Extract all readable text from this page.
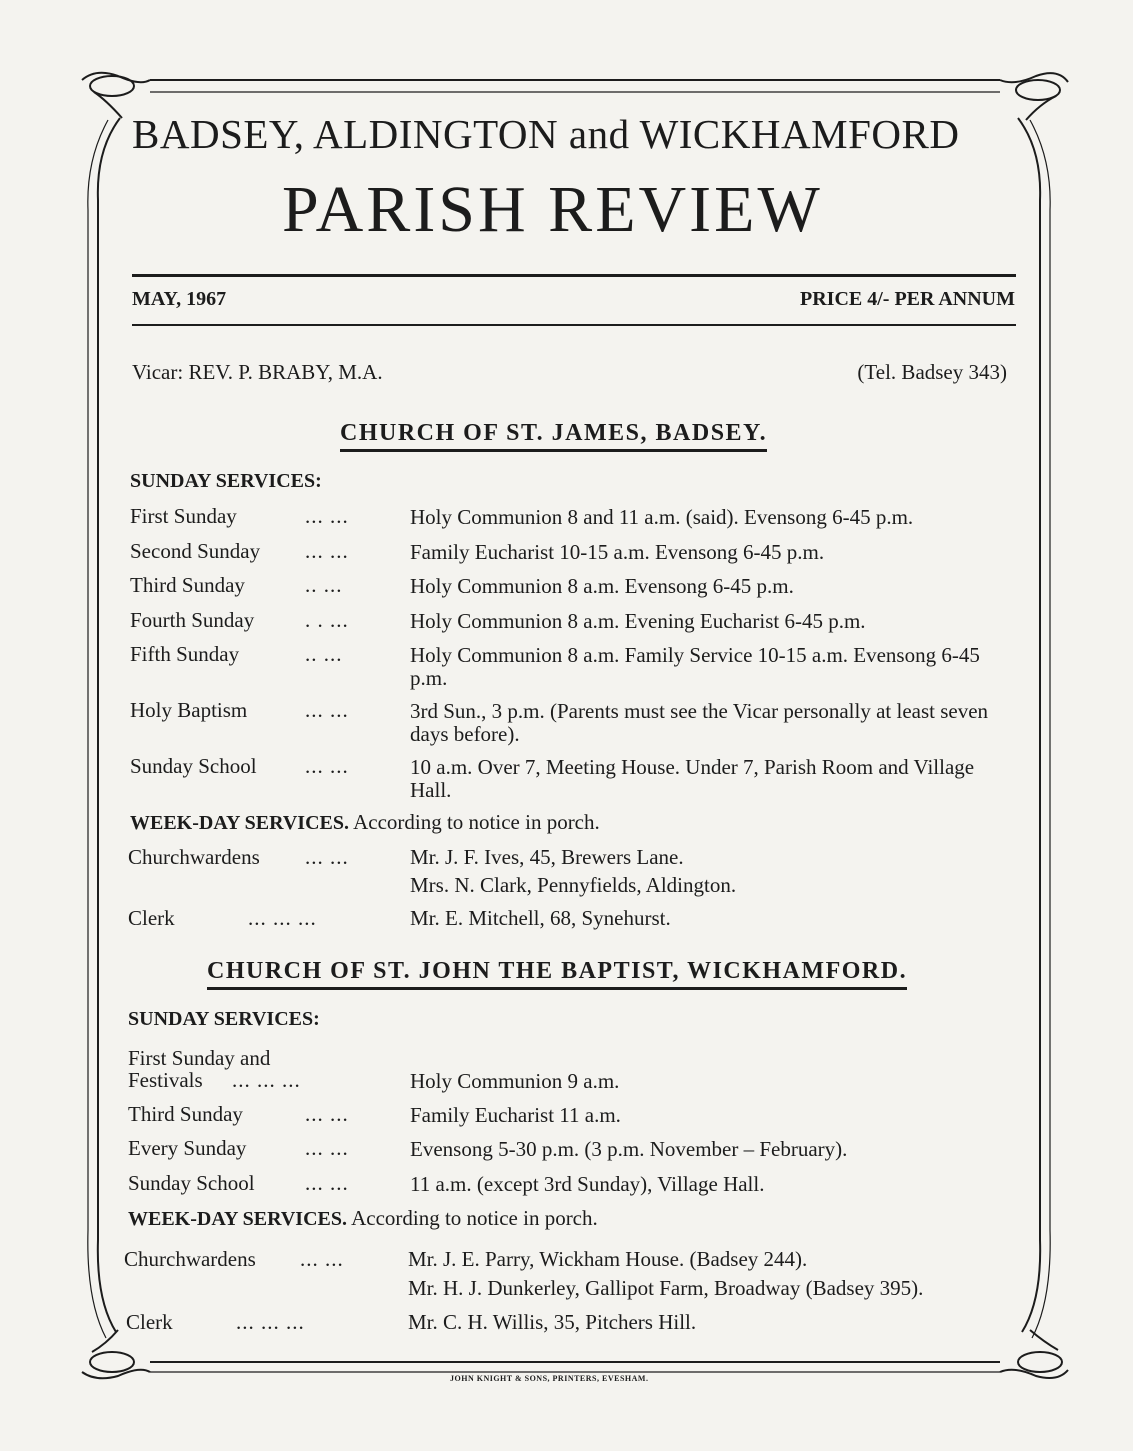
BADSEY, ALDINGTON and WICKHAMFORD
PARISH REVIEW
MAY, 1967	PRICE 4/- PER ANNUM
Vicar: REV. P. BRABY, M.A.	(Tel. Badsey 343)
CHURCH OF ST. JAMES, BADSEY.
SUNDAY SERVICES:
First Sunday	... ...	Holy Communion 8 and 11 a.m. (said). Evensong 6-45 p.m.
Second Sunday ... ...	Family Eucharist 10-15 a.m. Evensong 6-45 p.m.
Third Sunday	.. ...	Holy Communion 8 a.m. Evensong 6-45 p.m.
Fourth Sunday . . ...	Holy Communion 8 a.m. Evening Eucharist 6-45 p.m.
Fifth Sunday	.. ...	Holy Communion 8 a.m. Family Service 10-15 a.m. Evensong 6-45 p.m.
Holy Baptism	... ...	3rd Sun., 3 p.m. (Parents must see the Vicar personally at least seven days before).
Sunday School ... ...	10 a.m. Over 7, Meeting House. Under 7, Parish Room and Village Hall.
WEEK-DAY SERVICES. According to notice in porch.
Churchwardens ... ...	Mr. J. F. Ives, 45, Brewers Lane.
Mrs. N. Clark, Pennyfields, Aldington.
Clerk	... ... ...	Mr. E. Mitchell, 68, Synehurst.
CHURCH OF ST. JOHN THE BAPTIST, WICKHAMFORD.
SUNDAY SERVICES:
First Sunday and
Festivals ... ... ...	Holy Communion 9 a.m.
Third Sunday	... ...	Family Eucharist 11 a.m.
Every Sunday	... ...	Evensong 5-30 p.m. (3 p.m. November – February).
Sunday School ... ...	11 a.m. (except 3rd Sunday), Village Hall.
WEEK-DAY SERVICES. According to notice in porch.
Churchwardens ... ...	Mr. J. E. Parry, Wickham House. (Badsey 244).
Mr. H. J. Dunkerley, Gallipot Farm, Broadway (Badsey 395).
Clerk	... ... ...	Mr. C. H. Willis, 35, Pitchers Hill.
JOHN KNIGHT & SONS, PRINTERS, EVESHAM.
